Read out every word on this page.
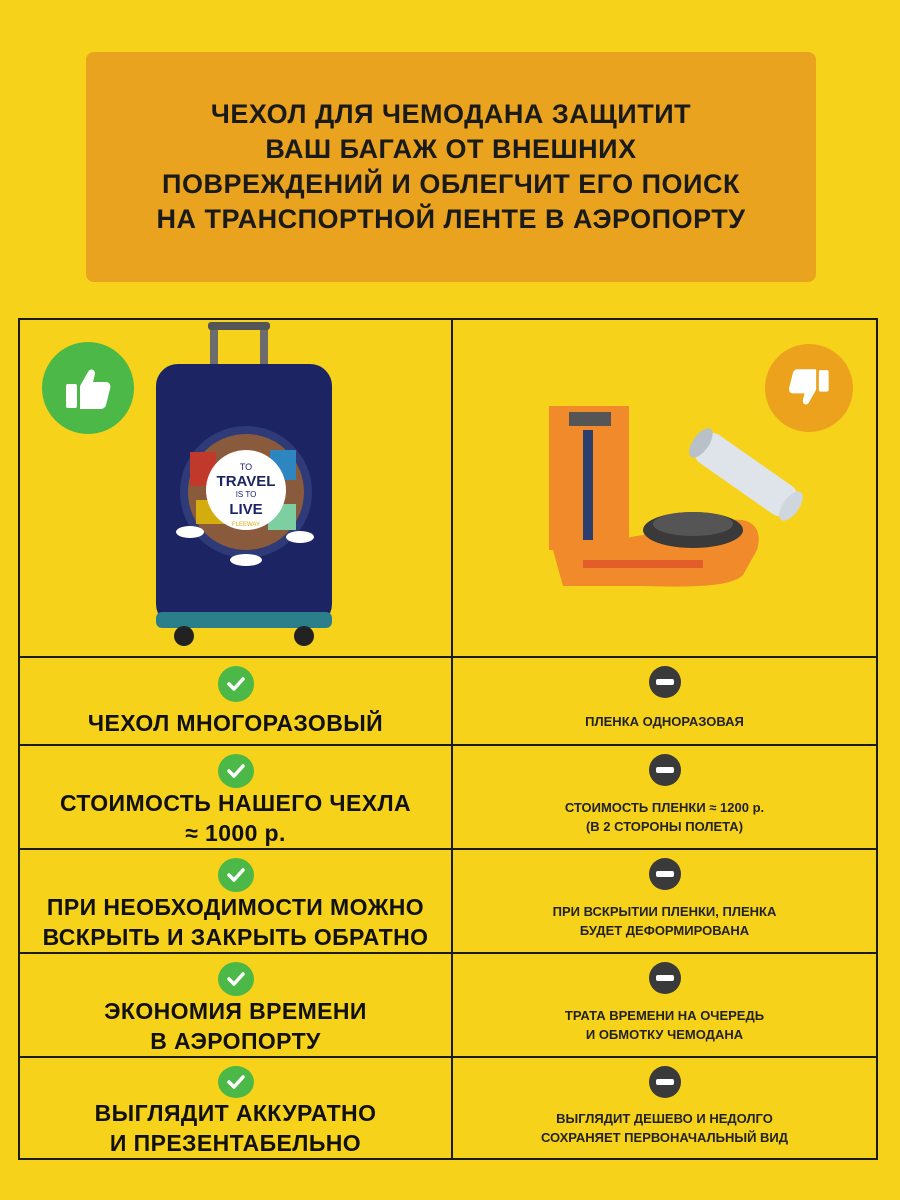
ЧЕХОЛ ДЛЯ ЧЕМОДАНА ЗАЩИТИТ
ВАШ БАГАЖ ОТ ВНЕШНИХ
ПОВРЕЖДЕНИЙ И ОБЛЕГЧИТ ЕГО ПОИСК
НА ТРАНСПОРТНОЙ ЛЕНТЕ В АЭРОПОРТУ
TO
TRAVEL
IS TO
LIVE
FLEEWAY
ЧЕХОЛ МНОГОРАЗОВЫЙ	ПЛЕНКА ОДНОРАЗОВАЯ
СТОИМОСТЬ НАШЕГО ЧЕХЛА
≈ 1000 р.
СТОИМОСТЬ ПЛЕНКИ ≈ 1200 р.
(В 2 СТОРОНЫ ПОЛЕТА)
ПРИ НЕОБХОДИМОСТИ МОЖНО
ВСКРЫТЬ И ЗАКРЫТЬ ОБРАТНО
ПРИ ВСКРЫТИИ ПЛЕНКИ, ПЛЕНКА
БУДЕТ ДЕФОРМИРОВАНА
ЭКОНОМИЯ ВРЕМЕНИ
В АЭРОПОРТУ
ТРАТА ВРЕМЕНИ НА ОЧЕРЕДЬ
И ОБМОТКУ ЧЕМОДАНА
ВЫГЛЯДИТ АККУРАТНО
И ПРЕЗЕНТАБЕЛЬНО
ВЫГЛЯДИТ ДЕШЕВО И НЕДОЛГО
СОХРАНЯЕТ ПЕРВОНАЧАЛЬНЫЙ ВИД
